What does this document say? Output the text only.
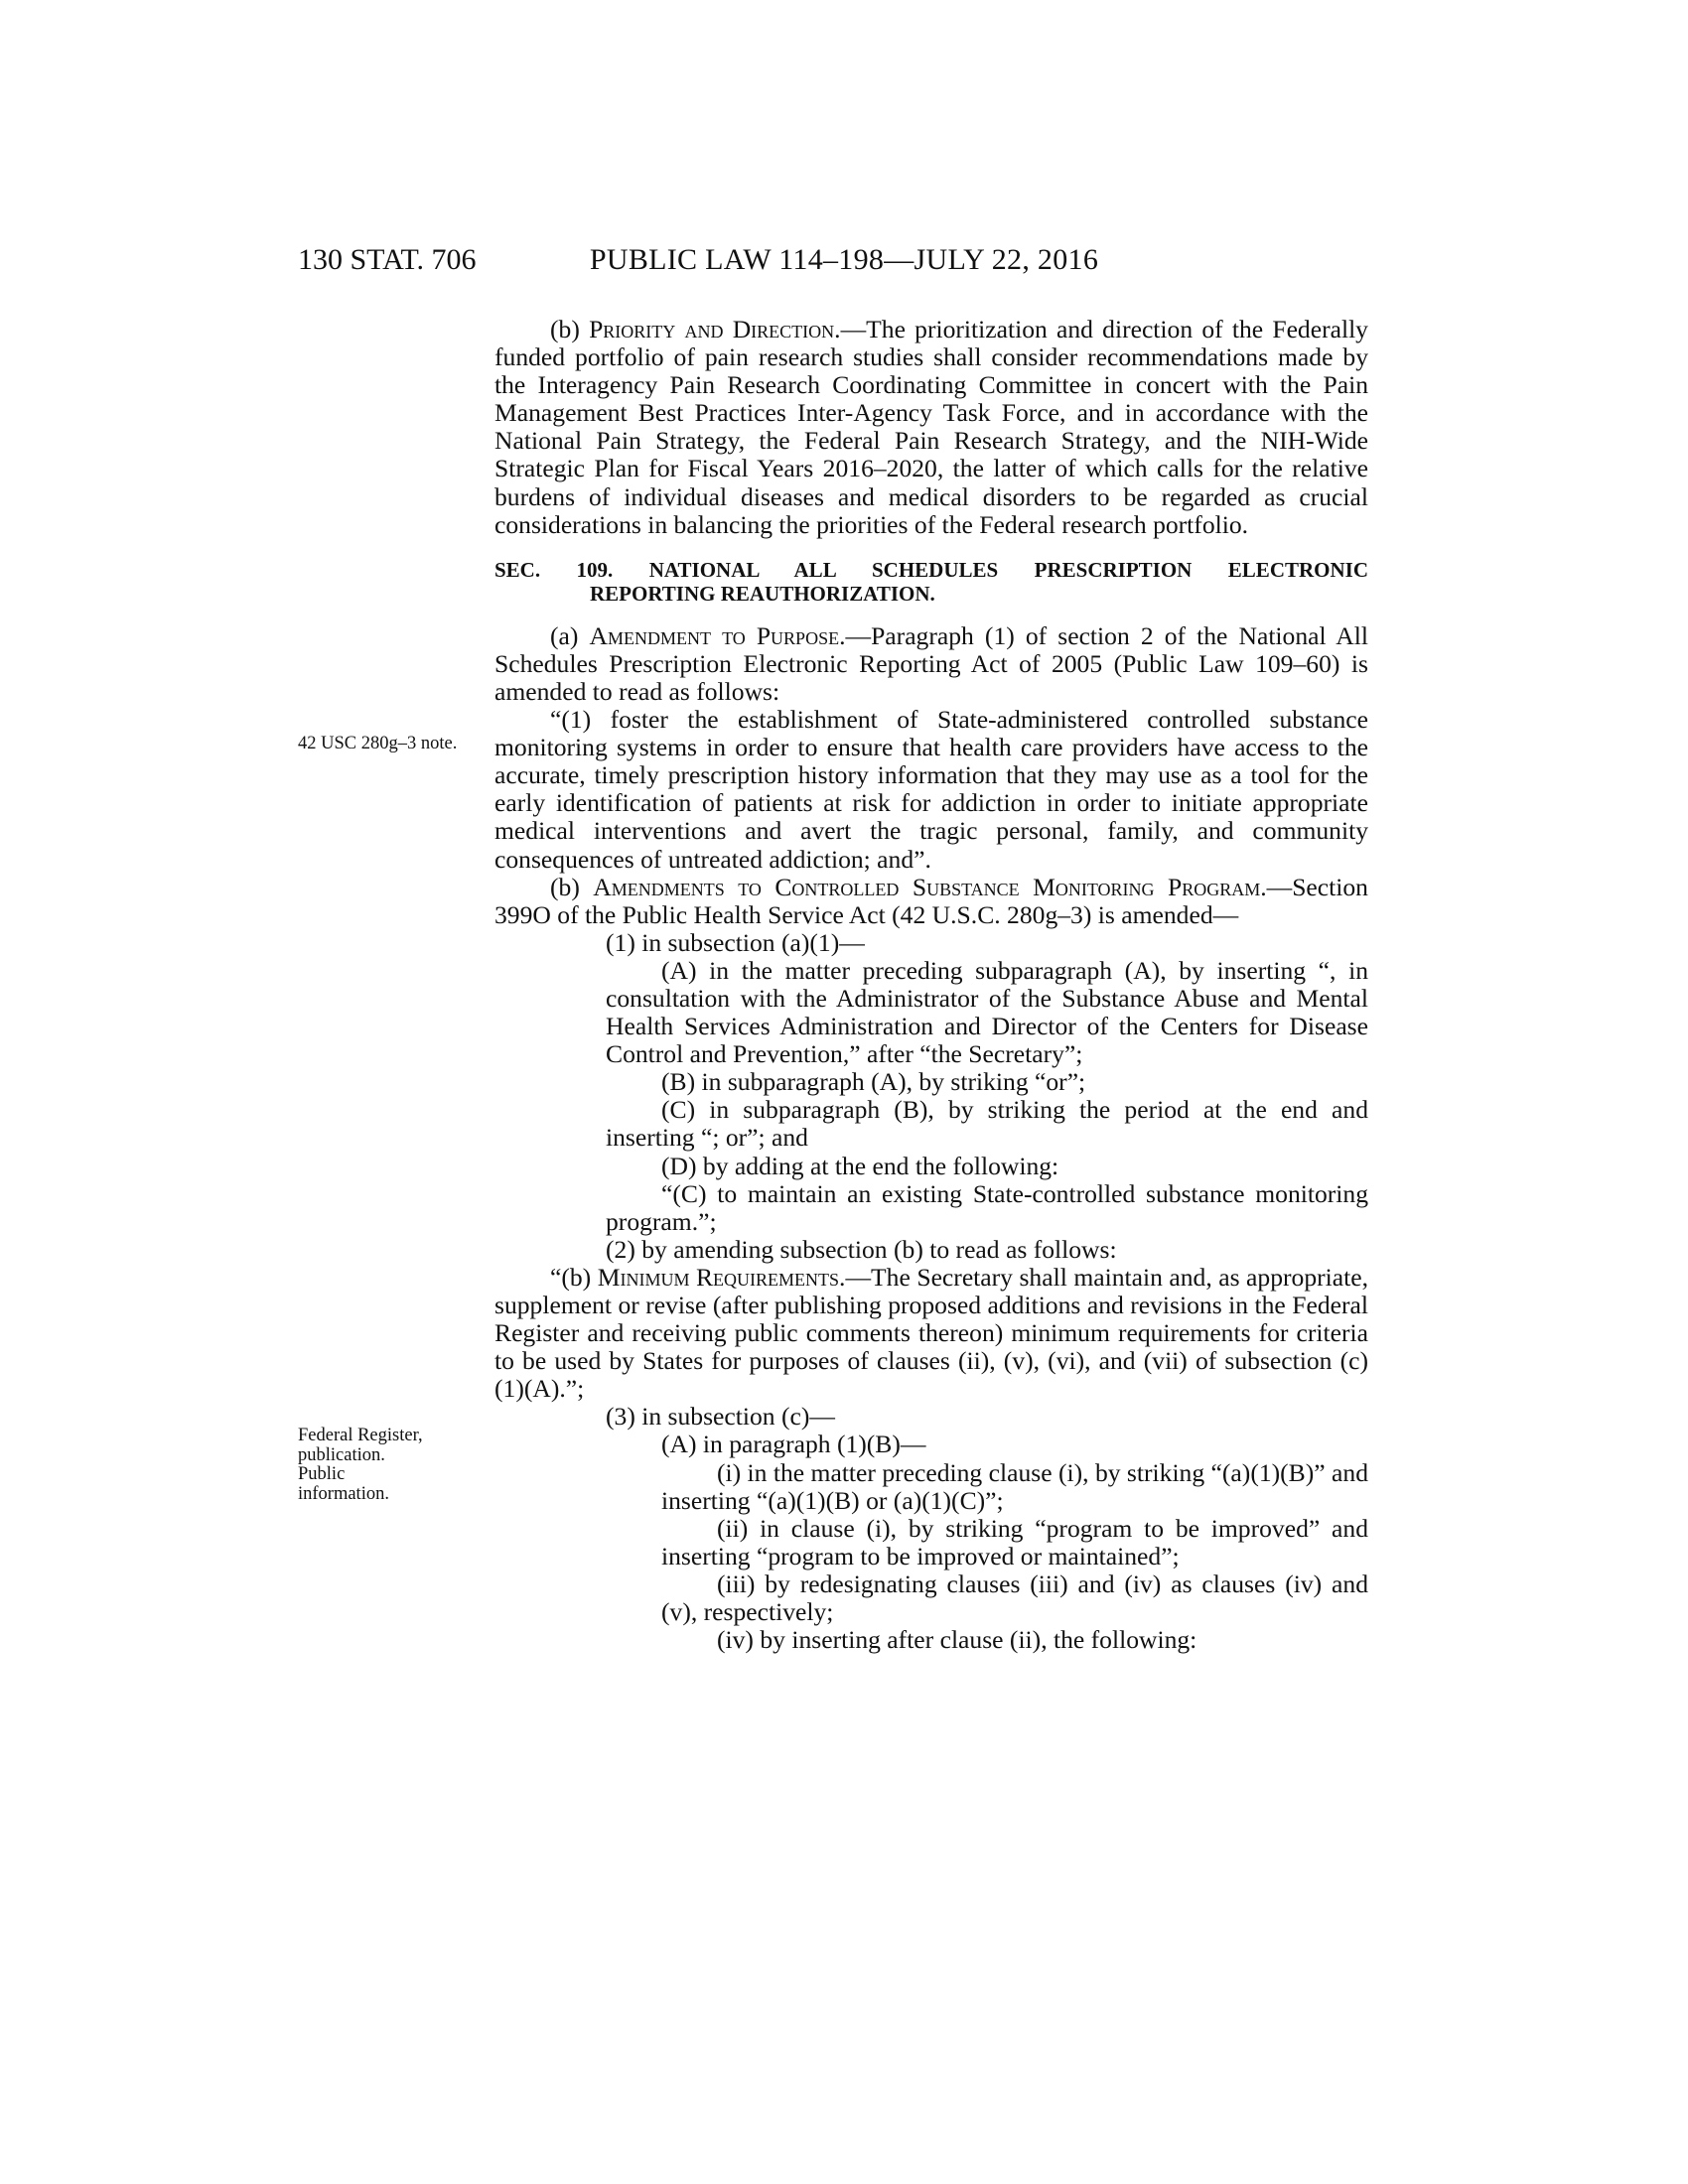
130 STAT. 706	PUBLIC LAW 114–198—JULY 22, 2016
42 USC 280g–3 note.
Federal Register,
publication.
Public
information.

(b) Priority and Direction.—The prioritization and direction of the Federally funded portfolio of pain research studies shall consider recommendations made by the Interagency Pain Research Coordinating Committee in concert with the Pain Management Best Practices Inter-Agency Task Force, and in accordance with the National Pain Strategy, the Federal Pain Research Strategy, and the NIH-Wide Strategic Plan for Fiscal Years 2016–2020, the latter of which calls for the relative burdens of individual diseases and medical disorders to be regarded as crucial considerations in balancing the priorities of the Federal research portfolio.

SEC. 109. NATIONAL ALL SCHEDULES PRESCRIPTION ELECTRONIC
REPORTING REAUTHORIZATION.

(a) Amendment to Purpose.—Paragraph (1) of section 2 of the National All Schedules Prescription Electronic Reporting Act of 2005 (Public Law 109–60) is amended to read as follows:

“(1) foster the establishment of State-administered controlled substance monitoring systems in order to ensure that health care providers have access to the accurate, timely prescription history information that they may use as a tool for the early identification of patients at risk for addiction in order to initiate appropriate medical interventions and avert the tragic personal, family, and community consequences of untreated addiction; and”.

(b) Amendments to Controlled Substance Monitoring Program.—Section 399O of the Public Health Service Act (42 U.S.C. 280g–3) is amended—

(1) in subsection (a)(1)—

(A) in the matter preceding subparagraph (A), by inserting “, in consultation with the Administrator of the Substance Abuse and Mental Health Services Administration and Director of the Centers for Disease Control and Prevention,” after “the Secretary”;

(B) in subparagraph (A), by striking “or”;

(C) in subparagraph (B), by striking the period at the end and inserting “; or”; and

(D) by adding at the end the following:

“(C) to maintain an existing State-controlled substance monitoring program.”;

(2) by amending subsection (b) to read as follows:

“(b) Minimum Requirements.—The Secretary shall maintain and, as appropriate, supplement or revise (after publishing proposed additions and revisions in the Federal Register and receiving public comments thereon) minimum requirements for criteria to be used by States for purposes of clauses (ii), (v), (vi), and (vii) of subsection (c)(1)(A).”;

(3) in subsection (c)—

(A) in paragraph (1)(B)—

(i) in the matter preceding clause (i), by striking “(a)(1)(B)” and inserting “(a)(1)(B) or (a)(1)(C)”;

(ii) in clause (i), by striking “program to be improved” and inserting “program to be improved or maintained”;

(iii) by redesignating clauses (iii) and (iv) as clauses (iv) and (v), respectively;

(iv) by inserting after clause (ii), the following:
